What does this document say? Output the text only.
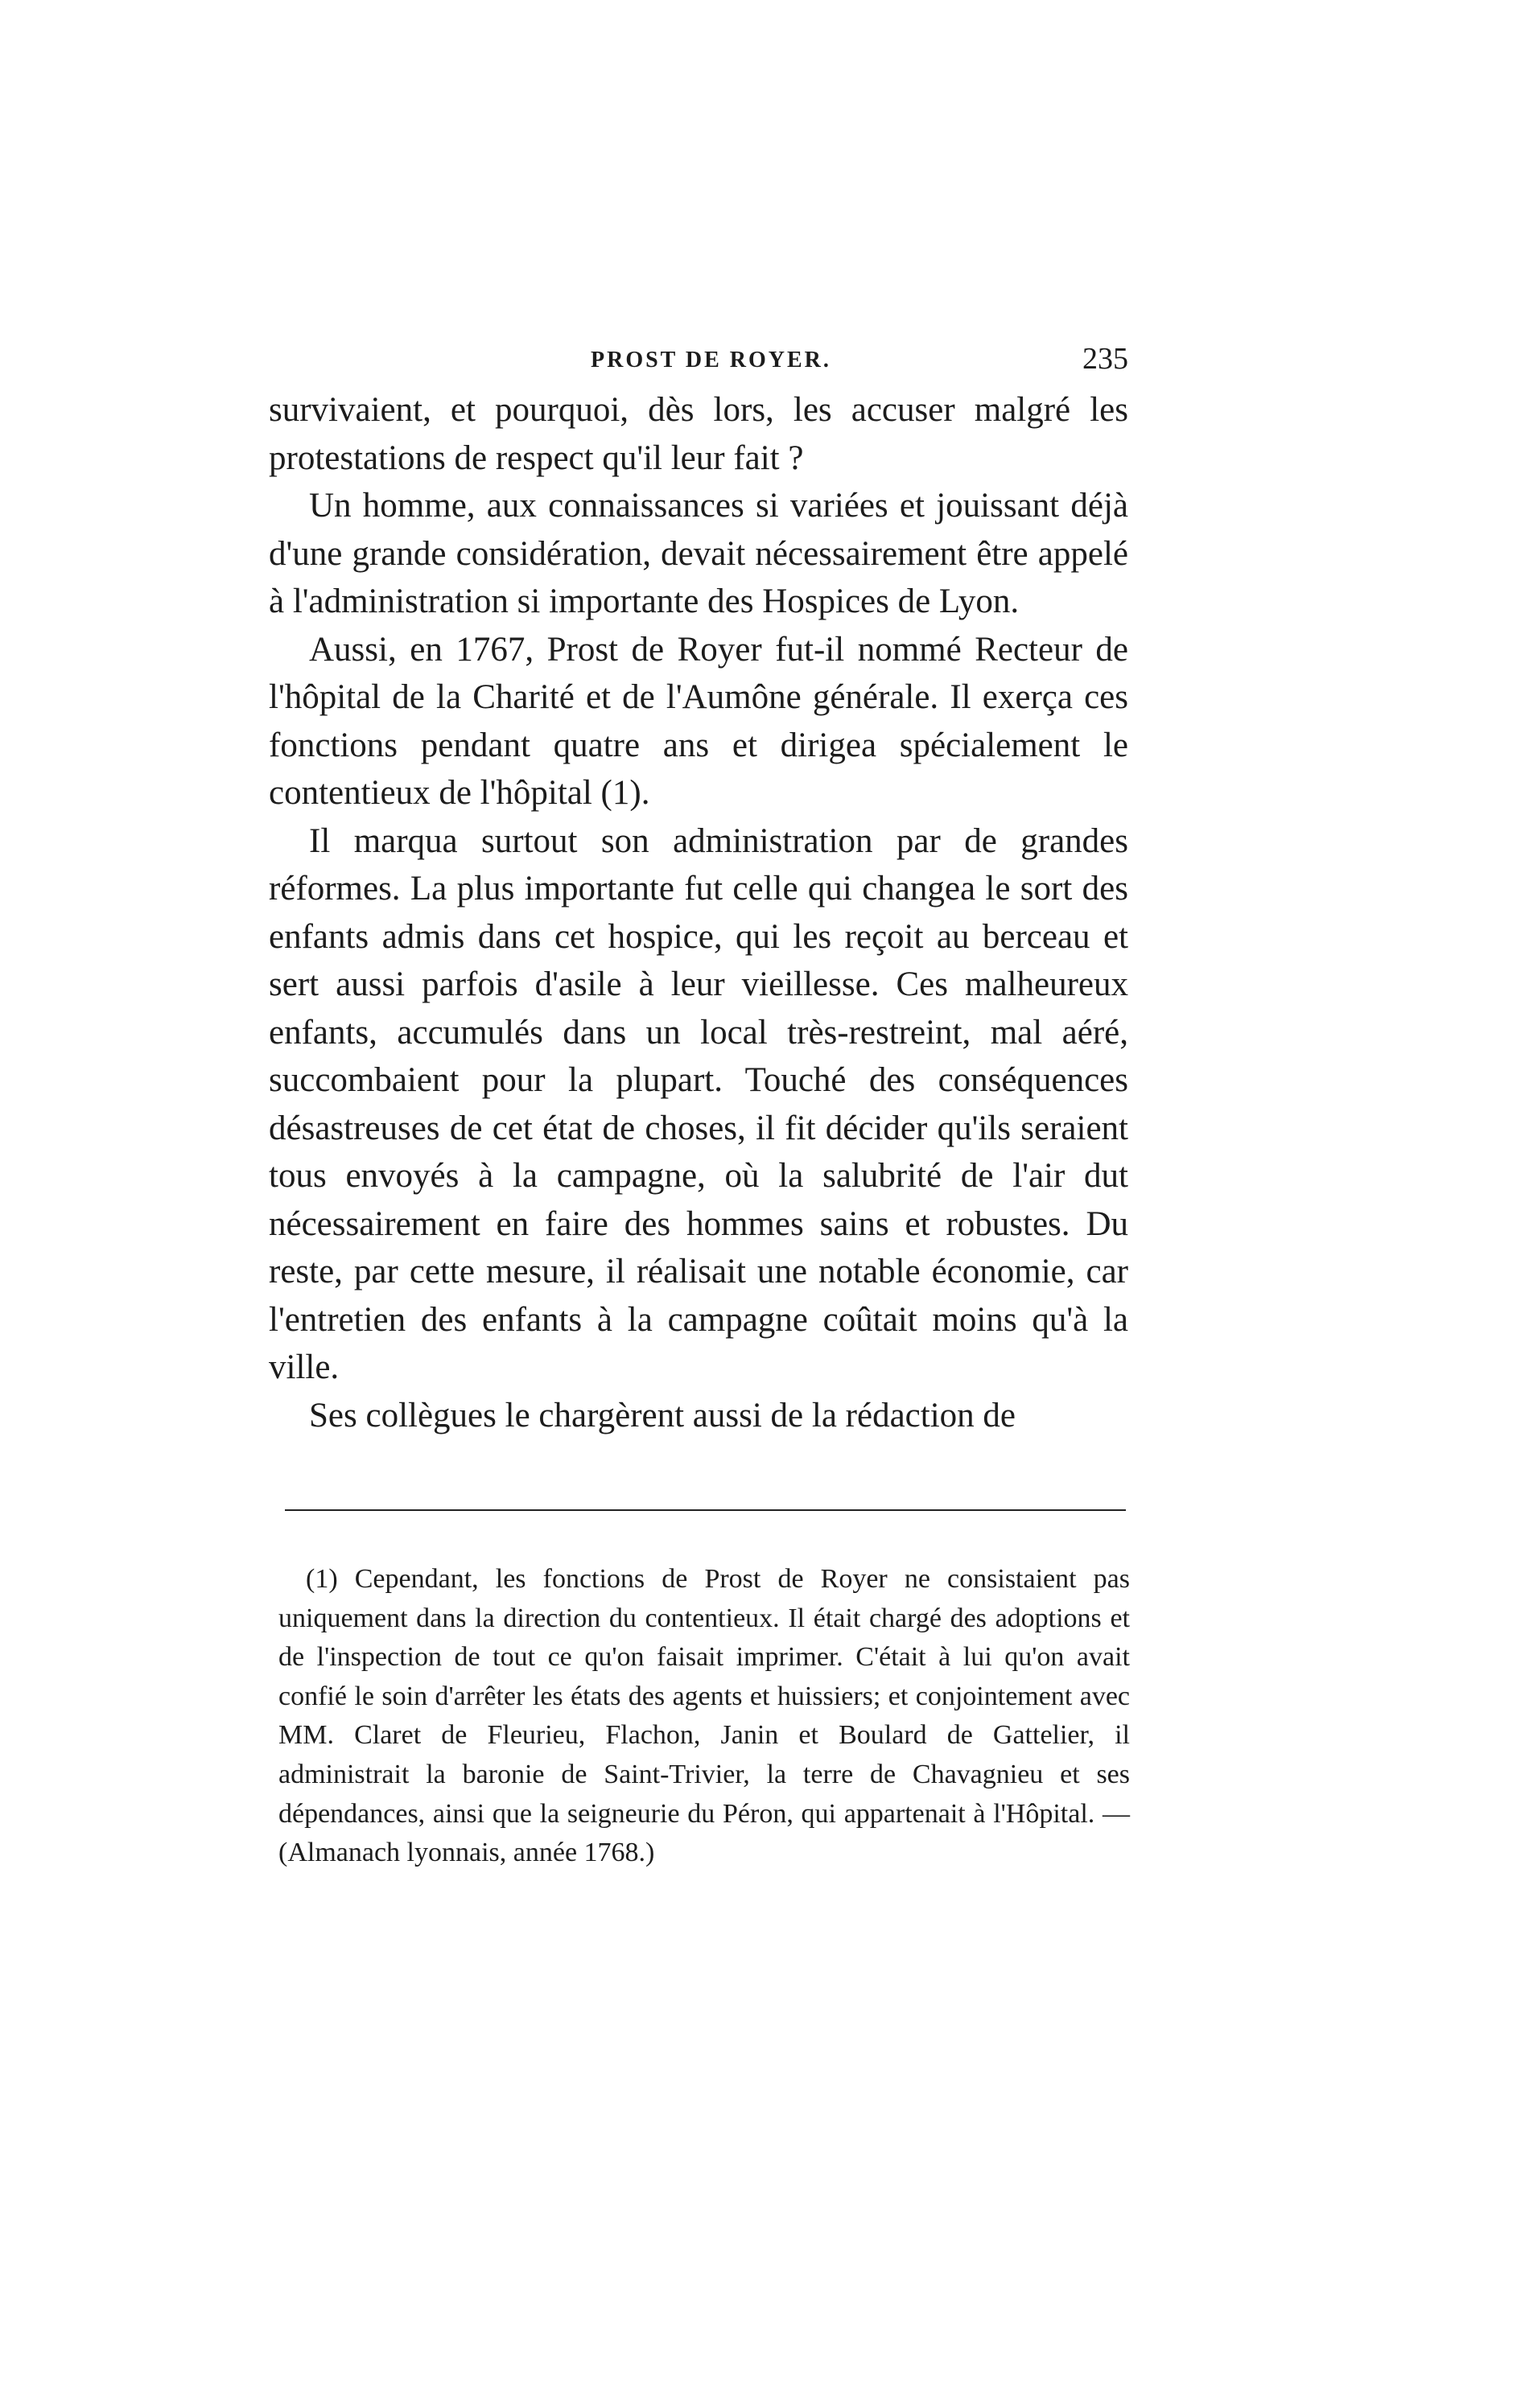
PROST DE ROYER.	235

survivaient, et pourquoi, dès lors, les accuser malgré les protestations de respect qu'il leur fait ?

Un homme, aux connaissances si variées et jouissant déjà d'une grande considération, devait nécessairement être appelé à l'administration si importante des Hospices de Lyon.

Aussi, en 1767, Prost de Royer fut-il nommé Recteur de l'hôpital de la Charité et de l'Aumône générale. Il exerça ces fonctions pendant quatre ans et dirigea spécialement le contentieux de l'hôpital (1).

Il marqua surtout son administration par de grandes réformes. La plus importante fut celle qui changea le sort des enfants admis dans cet hospice, qui les reçoit au berceau et sert aussi parfois d'asile à leur vieillesse. Ces malheureux enfants, accumulés dans un local très-restreint, mal aéré, succombaient pour la plupart. Touché des conséquences désastreuses de cet état de choses, il fit décider qu'ils seraient tous envoyés à la campagne, où la salubrité de l'air dut nécessairement en faire des hommes sains et robustes. Du reste, par cette mesure, il réalisait une notable économie, car l'entretien des enfants à la campagne coûtait moins qu'à la ville.

Ses collègues le chargèrent aussi de la rédaction de

(1) Cependant, les fonctions de Prost de Royer ne consistaient pas uniquement dans la direction du contentieux. Il était chargé des adoptions et de l'inspection de tout ce qu'on faisait imprimer. C'était à lui qu'on avait confié le soin d'arrêter les états des agents et huissiers; et conjointement avec MM. Claret de Fleurieu, Flachon, Janin et Boulard de Gattelier, il administrait la baronie de Saint-Trivier, la terre de Chavagnieu et ses dépendances, ainsi que la seigneurie du Péron, qui appartenait à l'Hôpital. — (Almanach lyonnais, année 1768.)
